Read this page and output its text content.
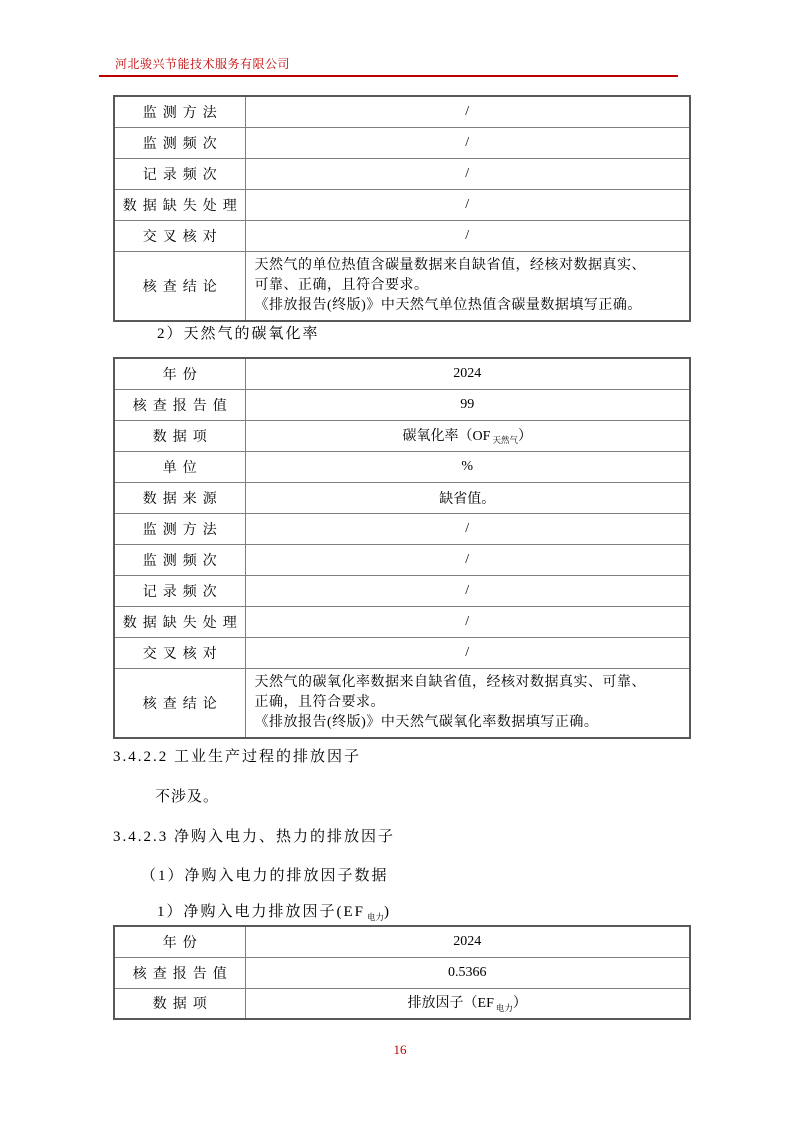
河北骏兴节能技术服务有限公司
监测方法	/
监测频次	/
记录频次	/
数据缺失处理	/
交叉核对	/
核查结论	天然气的单位热值含碳量数据来自缺省值，经核对数据真实、
可靠、正确，且符合要求。
《排放报告(终版)》中天然气单位热值含碳量数据填写正确。
2）天然气的碳氧化率
年份	2024
核查报告值	99
数据项	碳氧化率（OF $_{天然气}$）
单位	%
数据来源	缺省值。
监测方法	/
监测频次	/
记录频次	/
数据缺失处理	/
交叉核对	/
核查结论	天然气的碳氧化率数据来自缺省值，经核对数据真实、可靠、
正确，且符合要求。
《排放报告(终版)》中天然气碳氧化率数据填写正确。
3.4.2.2 工业生产过程的排放因子
不涉及。
3.4.2.3 净购入电力、热力的排放因子
（1）净购入电力的排放因子数据
1）净购入电力排放因子(EF $_{电力}$)
年份	2024
核查报告值	0.5366
数据项	排放因子（EF $_{电力}$）
16
